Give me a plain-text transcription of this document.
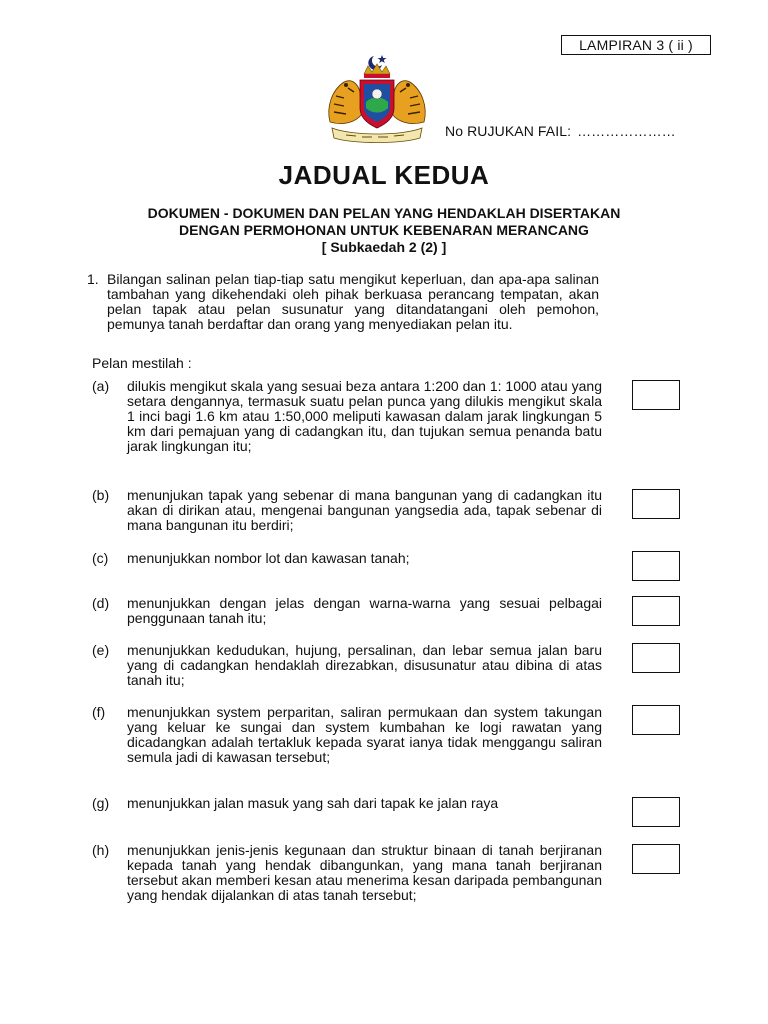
LAMPIRAN 3 ( ii )
No RUJUKAN FAIL: …………………
JADUAL KEDUA
DOKUMEN - DOKUMEN DAN PELAN YANG HENDAKLAH DISERTAKAN
DENGAN PERMOHONAN UNTUK KEBENARAN MERANCANG
[ Subkaedah 2 (2) ]
1. Bilangan salinan pelan tiap-tiap satu mengikut keperluan, dan apa-apa salinan tambahan yang dikehendaki oleh pihak berkuasa perancang tempatan, akan pelan tapak atau pelan susunatur yang ditandatangani oleh pemohon, pemunya tanah berdaftar dan orang yang menyediakan pelan itu.
Pelan mestilah :
(a) dilukis mengikut skala yang sesuai beza antara 1:200 dan 1: 1000 atau yang setara dengannya, termasuk suatu pelan punca yang dilukis mengikut skala 1 inci bagi 1.6 km atau 1:50,000 meliputi kawasan dalam jarak lingkungan 5 km dari pemajuan yang di cadangkan itu, dan tujukan semua penanda batu jarak lingkungan itu;
(b) menunjukan tapak yang sebenar di mana bangunan yang di cadangkan itu akan di dirikan atau, mengenai bangunan yangsedia ada, tapak sebenar di mana bangunan itu berdiri;
(c) menunjukkan nombor lot dan kawasan tanah;
(d) menunjukkan dengan jelas dengan warna-warna yang sesuai pelbagai penggunaan tanah itu;
(e) menunjukkan kedudukan, hujung, persalinan, dan lebar semua jalan baru yang di cadangkan hendaklah direzabkan, disusunatur atau dibina di atas tanah itu;
(f) menunjukkan system perparitan, saliran permukaan dan system takungan yang keluar ke sungai dan system kumbahan ke logi rawatan yang dicadangkan adalah tertakluk kepada syarat ianya tidak menggangu saliran semula jadi di kawasan tersebut;
(g) menunjukkan jalan masuk yang sah dari tapak ke jalan raya
(h) menunjukkan jenis-jenis kegunaan dan struktur binaan di tanah berjiranan kepada tanah yang hendak dibangunkan, yang mana tanah berjiranan tersebut akan memberi kesan atau menerima kesan daripada pembangunan yang hendak dijalankan di atas tanah tersebut;
